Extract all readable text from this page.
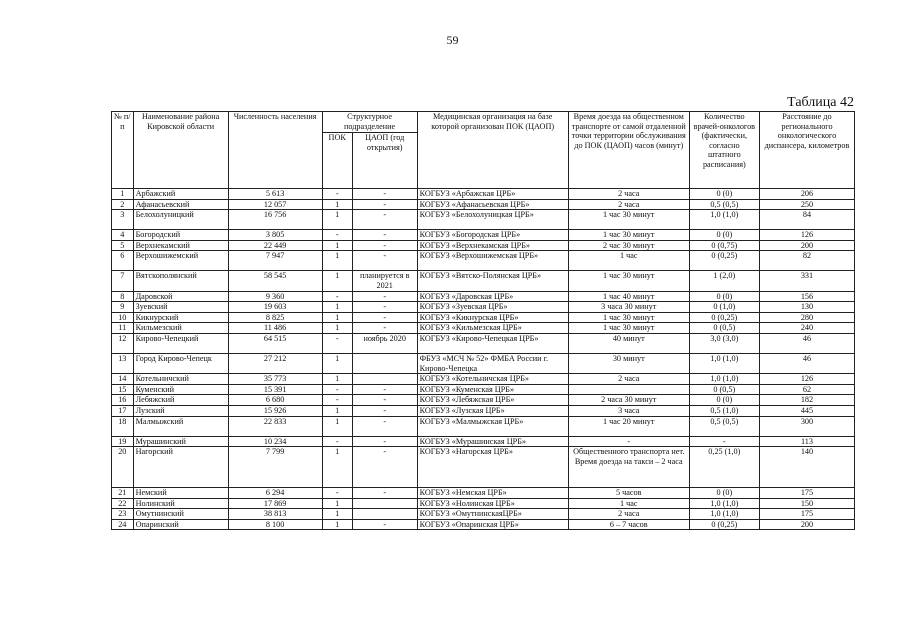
59
Таблица 42
№ п/п	Наименование района Кировской области	Численность населения	Структурное подразделение		Медицинская организация на базе которой организован ПОК (ЦАОП)	Время доезда на общественном транспорте от самой отдаленной точки территории обслуживания до ПОК (ЦАОП) часов (минут)	Количество врачей-онкологов (фактически, согласно штатного расписания)	Расстояние до регионального онкологического диспансера, километров
			ПОК	ЦАОП (год открытия)				
1	Арбажский	5 613	-	-	КОГБУЗ «Арбажская ЦРБ»	2 часа	0 (0)	206
2	Афанасьевский	12 057	1	-	КОГБУЗ «Афанасьевская ЦРБ»	2 часа	0,5 (0,5)	250
3	Белохолуницкий	16 756	1	-	КОГБУЗ «Белохолуницкая ЦРБ»	1 час 30 минут	1,0 (1,0)	84
4	Богородский	3 805	-	-	КОГБУЗ «Богородская ЦРБ»	1 час 30 минут	0 (0)	126
5	Верхнекамский	22 449	1	-	КОГБУЗ «Верхнекамская ЦРБ»	2 час 30 минут	0 (0,75)	200
6	Верхошижемский	7 947	1	-	КОГБУЗ «Верхошижемская ЦРБ»	1 час	0 (0,25)	82
7	Вятскополянский	58 545	1	планируется в 2021	КОГБУЗ «Вятско-Полянская ЦРБ»	1 час 30 минут	1 (2,0)	331
8	Даровской	9 360	-	-	КОГБУЗ «Даровская ЦРБ»	1 час 40 минут	0 (0)	156
9	Зуевский	19 603	1	-	КОГБУЗ «Зуевская ЦРБ»	3 часа 30 минут	0 (1,0)	130
10	Кикнурский	8 825	1	-	КОГБУЗ «Кикнурская ЦРБ»	1 час 30 минут	0 (0,25)	280
11	Кильмезский	11 486	1	-	КОГБУЗ «Кильмезская ЦРБ»	1 час 30 минут	0 (0,5)	240
12	Кирово-Чепецкий	64 515	-	ноябрь 2020	КОГБУЗ «Кирово-Чепецкая ЦРБ»	40 минут	3,0 (3,0)	46
13	Город Кирово-Чепецк	27 212	1		ФБУЗ «МСЧ № 52» ФМБА России г. Кирово-Чепецка	30 минут	1,0 (1,0)	46
14	Котельничский	35 773	1		КОГБУЗ «Котельничская ЦРБ»	2 часа	1,0 (1,0)	126
15	Куменский	15 391	-	-	КОГБУЗ «Куменская ЦРБ»		0 (0,5)	62
16	Лебяжский	6 680	-	-	КОГБУЗ «Лебяжская ЦРБ»	2 часа 30 минут	0 (0)	182
17	Лузский	15 926	1	-	КОГБУЗ «Лузская ЦРБ»	3 часа	0,5 (1,0)	445
18	Малмыжский	22 833	1	-	КОГБУЗ «Малмыжская ЦРБ»	1 час 20 минут	0,5 (0,5)	300
19	Мурашинский	10 234	-	-	КОГБУЗ «Мурашинская ЦРБ»	-	-	113
20	Нагорский	7 799	1	-	КОГБУЗ «Нагорская ЦРБ»	Общественного транспорта нет. Время доезда на такси – 2 часа	0,25 (1,0)	140
21	Немский	6 294	-	-	КОГБУЗ «Немская ЦРБ»	5 часов	0 (0)	175
22	Нолинский	17 869	1		КОГБУЗ «Нолинская ЦРБ»	1 час	1,0 (1,0)	150
23	Омутнинский	38 813	1		КОГБУЗ «ОмутнинскаяЦРБ»	2 часа	1,0 (1,0)	175
24	Опаринский	8 100	1	-	КОГБУЗ «Опаринская ЦРБ»	6 – 7 часов	0 (0,25)	200
